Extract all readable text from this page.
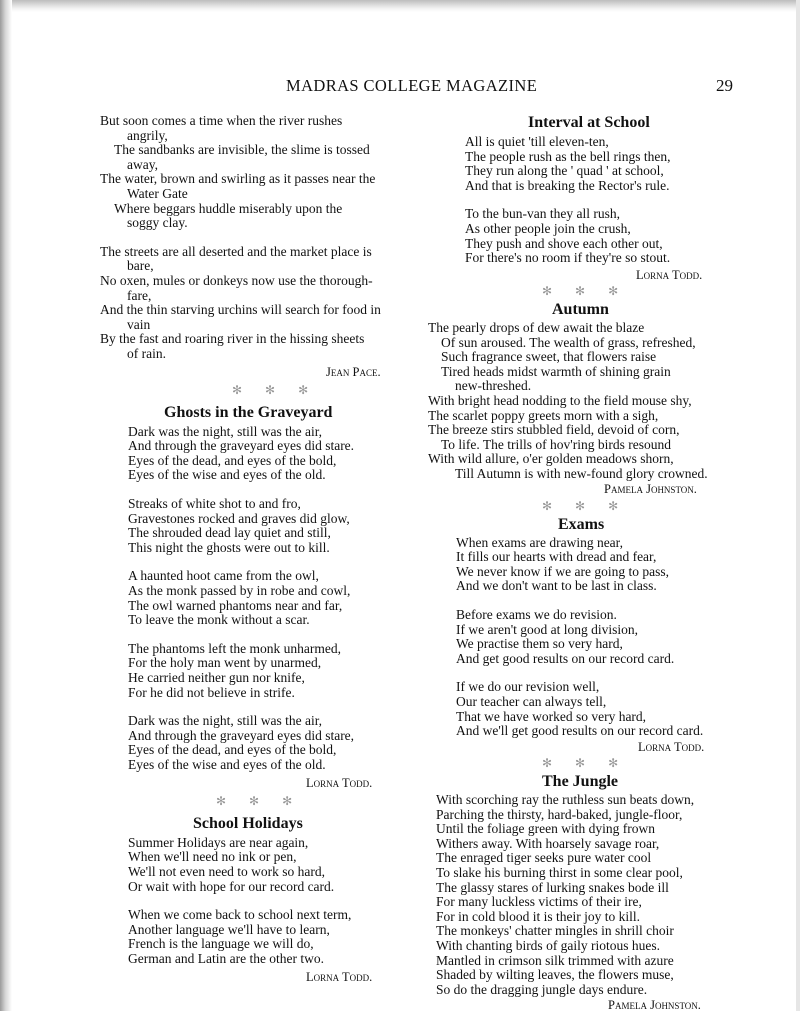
MADRAS COLLEGE MAGAZINE	29
But soon comes a time when the river rushes
angrily,
The sandbanks are invisible, the slime is tossed
away,
The water, brown and swirling as it passes near the
Water Gate
Where beggars huddle miserably upon the
soggy clay.
The streets are all deserted and the market place is
bare,
No oxen, mules or donkeys now use the thorough-
fare,
And the thin starving urchins will search for food in
vain
By the fast and roaring river in the hissing sheets
of rain.
Jean Pace.
✻ ✻ ✻
Ghosts in the Graveyard
Dark was the night, still was the air,
And through the graveyard eyes did stare.
Eyes of the dead, and eyes of the bold,
Eyes of the wise and eyes of the old.
Streaks of white shot to and fro,
Gravestones rocked and graves did glow,
The shrouded dead lay quiet and still,
This night the ghosts were out to kill.
A haunted hoot came from the owl,
As the monk passed by in robe and cowl,
The owl warned phantoms near and far,
To leave the monk without a scar.
The phantoms left the monk unharmed,
For the holy man went by unarmed,
He carried neither gun nor knife,
For he did not believe in strife.
Dark was the night, still was the air,
And through the graveyard eyes did stare,
Eyes of the dead, and eyes of the bold,
Eyes of the wise and eyes of the old.
Lorna Todd.
✻ ✻ ✻
School Holidays
Summer Holidays are near again,
When we'll need no ink or pen,
We'll not even need to work so hard,
Or wait with hope for our record card.
When we come back to school next term,
Another language we'll have to learn,
French is the language we will do,
German and Latin are the other two.
Lorna Todd.
Interval at School
All is quiet 'till eleven-ten,
The people rush as the bell rings then,
They run along the ' quad ' at school,
And that is breaking the Rector's rule.
To the bun-van they all rush,
As other people join the crush,
They push and shove each other out,
For there's no room if they're so stout.
Lorna Todd.
✻ ✻ ✻
Autumn
The pearly drops of dew await the blaze
Of sun aroused. The wealth of grass, refreshed,
Such fragrance sweet, that flowers raise
Tired heads midst warmth of shining grain
new-threshed.
With bright head nodding to the field mouse shy,
The scarlet poppy greets morn with a sigh,
The breeze stirs stubbled field, devoid of corn,
To life. The trills of hov'ring birds resound
With wild allure, o'er golden meadows shorn,
Till Autumn is with new-found glory crowned.
Pamela Johnston.
✻ ✻ ✻
Exams
When exams are drawing near,
It fills our hearts with dread and fear,
We never know if we are going to pass,
And we don't want to be last in class.
Before exams we do revision.
If we aren't good at long division,
We practise them so very hard,
And get good results on our record card.
If we do our revision well,
Our teacher can always tell,
That we have worked so very hard,
And we'll get good results on our record card.
Lorna Todd.
✻ ✻ ✻
The Jungle
With scorching ray the ruthless sun beats down,
Parching the thirsty, hard-baked, jungle-floor,
Until the foliage green with dying frown
Withers away. With hoarsely savage roar,
The enraged tiger seeks pure water cool
To slake his burning thirst in some clear pool,
The glassy stares of lurking snakes bode ill
For many luckless victims of their ire,
For in cold blood it is their joy to kill.
The monkeys' chatter mingles in shrill choir
With chanting birds of gaily riotous hues.
Mantled in crimson silk trimmed with azure
Shaded by wilting leaves, the flowers muse,
So do the dragging jungle days endure.
Pamela Johnston.
